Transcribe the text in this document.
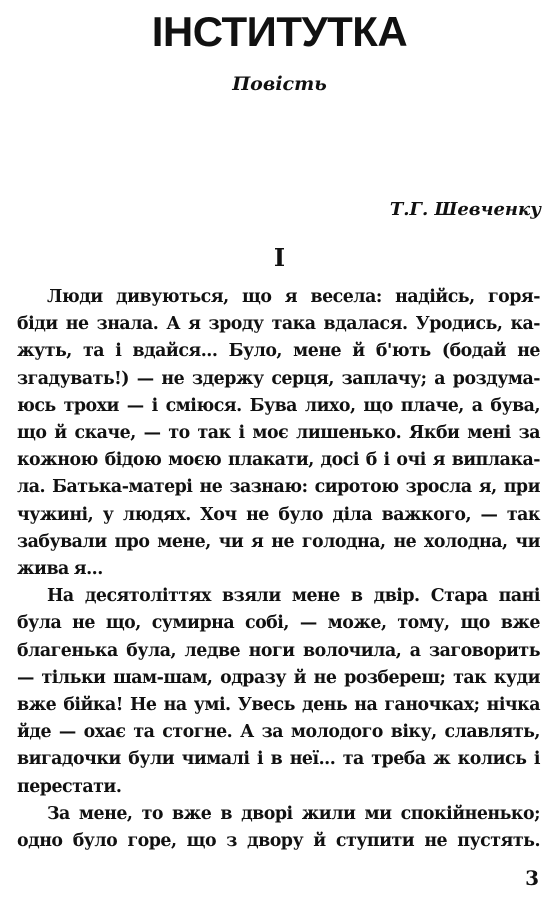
ІНСТИТУТКА

Повість

Т.Г. Шевченку

I

Люди дивуються, що я весела: надійсь, горя-
біди не знала. А я зроду така вдалася. Уродись, ка-
жуть, та і вдайся... Було, мене й б'ють (бодай не
згадувать!) — не здержу серця, заплачу; а роздума-
юсь трохи — і сміюся. Бува лихо, що плаче, а бува,
що й скаче, — то так і моє лишенько. Якби мені за
кожною бідою моєю плакати, досі б і очі я виплака-
ла. Батька-матері не зазнаю: сиротою зросла я, при
чужині, у людях. Хоч не було діла важкого, — так
забували про мене, чи я не голодна, не холодна, чи
жива я...
На десятоліттях взяли мене в двір. Стара пані
була не що, сумирна собі, — може, тому, що вже
благенька була, ледве ноги волочила, а заговорить
— тільки шам-шам, одразу й не розбереш; так куди
вже бійка! Не на умі. Увесь день на ганочках; нічка
йде — охає та стогне. А за молодого віку, славлять,
вигадочки були чималі і в неї... та треба ж колись і
перестати.
За мене, то вже в дворі жили ми спокійненько;
одно було горе, що з двору й ступити не пустять.

3
